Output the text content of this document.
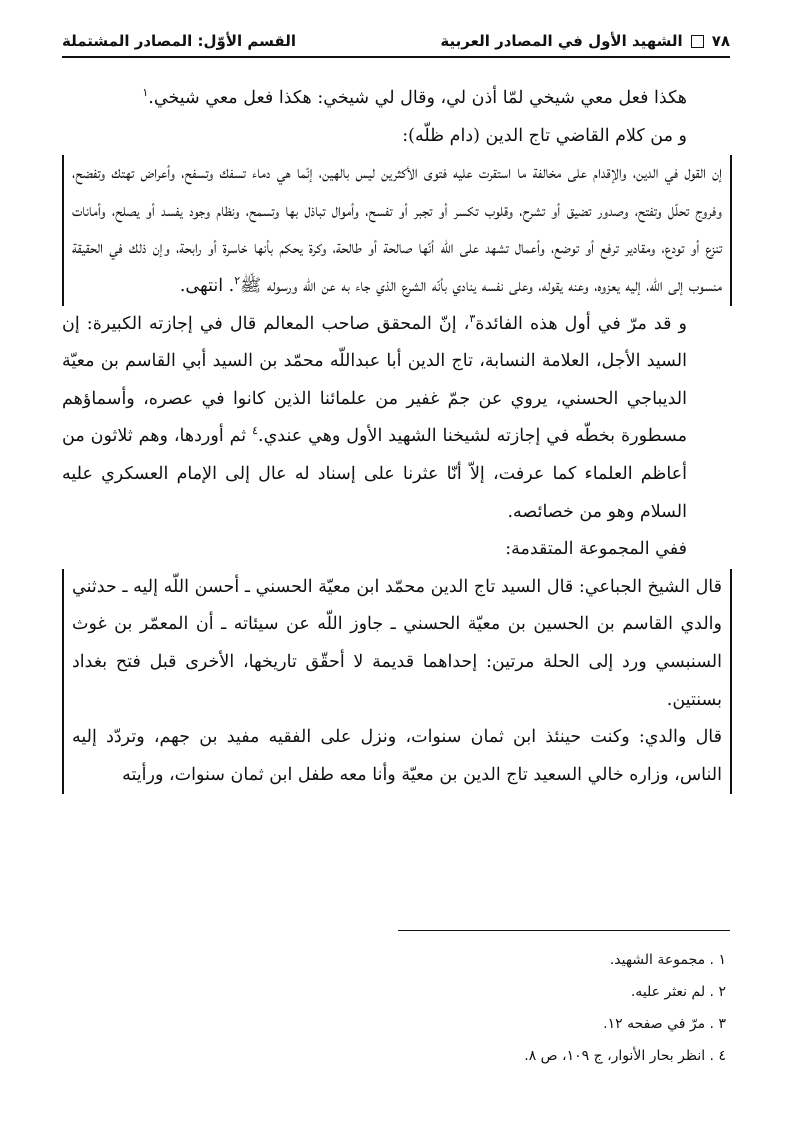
٧٨
الشهيد الأول في المصادر العربية
القسم الأوّل: المصادر المشتملة

هكذا فعل معي شيخي لمّا أذن لي، وقال لي شيخي: هكذا فعل معي شيخي.$^١$

و من كلام القاضي تاج الدين (دام ظلّه):

إن القول في الدين، والإقدام على مخالفة ما استقرت عليه فتوى الأكثرين ليس بالهين، إنّما هي دماء تسفك وتسفح، وأعراض تهتك وتفضح، وفروج تحلّل وتفتح، وصدور تضيق أو تشرح، وقلوب تكسر أو تجبر أو تفسح، وأموال تباذل بها وتسمح، ونظام وجود يفسد أو يصلح، وأمانات تنزع أو تودع، ومقادير ترفع أو توضع، وأعمال تشهد على اللّه أنّها صالحة أو طالحة، وكرة يحكم بأنها خاسرة أو رابحة، وإن ذلك في الحقيقة منسوب إلى اللّه، إليه يعزوه، وعنه يقوله، وعلى نفسه ينادي بأنّه الشرع الذي جاء به عن اللّه ورسوله ﷺ$^٢$. انتهى.

و قد مرّ في أول هذه الفائدة$^٣$، إنّ المحقق صاحب المعالم قال في إجازته الكبيرة: إن السيد الأجل، العلامة النسابة، تاج الدين أبا عبداللّه محمّد بن السيد أبي القاسم بن معيّة الديباجي الحسني، يروي عن جمّ غفير من علمائنا الذين كانوا في عصره، وأسماؤهم مسطورة بخطّه في إجازته لشيخنا الشهيد الأول وهي عندي.$^٤$ ثم أوردها، وهم ثلاثون من أعاظم العلماء كما عرفت، إلاّ أنّا عثرنا على إسناد له عال إلى الإمام العسكري عليه السلام وهو من خصائصه.

ففي المجموعة المتقدمة:

قال الشيخ الجباعي: قال السيد تاج الدين محمّد ابن معيّة الحسني ـ أحسن اللّه إليه ـ حدثني والدي القاسم بن الحسين بن معيّة الحسني ـ جاوز اللّه عن سيئاته ـ أن المعمّر بن غوث السنبسي ورد إلى الحلة مرتين: إحداهما قديمة لا أحقّق تاريخها، الأخرى قبل فتح بغداد بسنتين.

قال والدي: وكنت حينئذ ابن ثمان سنوات، ونزل على الفقيه مفيد بن جهم، وتردّد إليه الناس، وزاره خالي السعيد تاج الدين بن معيّة وأنا معه طفل ابن ثمان سنوات، ورأيته

١ . مجموعة الشهيد.
٢ . لم نعثر عليه.
٣ . مرّ في صفحه ١٢.
٤ . انظر بحار الأنوار، ج ١٠٩، ص ٨.
